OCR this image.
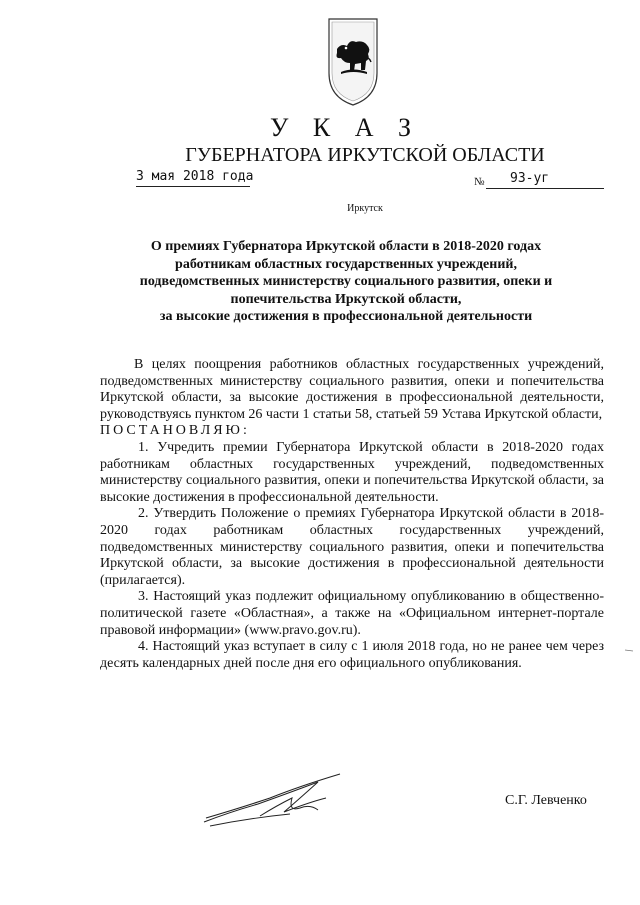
У К А З
ГУБЕРНАТОРА ИРКУТСКОЙ ОБЛАСТИ
3 мая 2018 года	№	93-уг
Иркутск
О премиях Губернатора Иркутской области в 2018-2020 годах
работникам областных государственных учреждений,
подведомственных министерству социального развития, опеки и
попечительства Иркутской области,
за высокие достижения в профессиональной деятельности

В целях поощрения работников областных государственных учреждений, подведомственных министерству социального развития, опеки и попечительства Иркутской области, за высокие достижения в профессиональной деятельности, руководствуясь пунктом 26 части 1 статьи 58, статьей 59 Устава Иркутской области,

ПОСТАНОВЛЯЮ:

1. Учредить премии Губернатора Иркутской области в 2018-2020 годах работникам областных государственных учреждений, подведомственных министерству социального развития, опеки и попечительства Иркутской области, за высокие достижения в профессиональной деятельности.

2. Утвердить Положение о премиях Губернатора Иркутской области в 2018-2020 годах работникам областных государственных учреждений, подведомственных министерству социального развития, опеки и попечительства Иркутской области, за высокие достижения в профессиональной деятельности (прилагается).

3. Настоящий указ подлежит официальному опубликованию в общественно-политической газете «Областная», а также на «Официальном интернет-портале правовой информации» (www.pravo.gov.ru).

4. Настоящий указ вступает в силу с 1 июля 2018 года, но не ранее чем через десять календарных дней после дня его официального опубликования.

С.Г. Левченко
